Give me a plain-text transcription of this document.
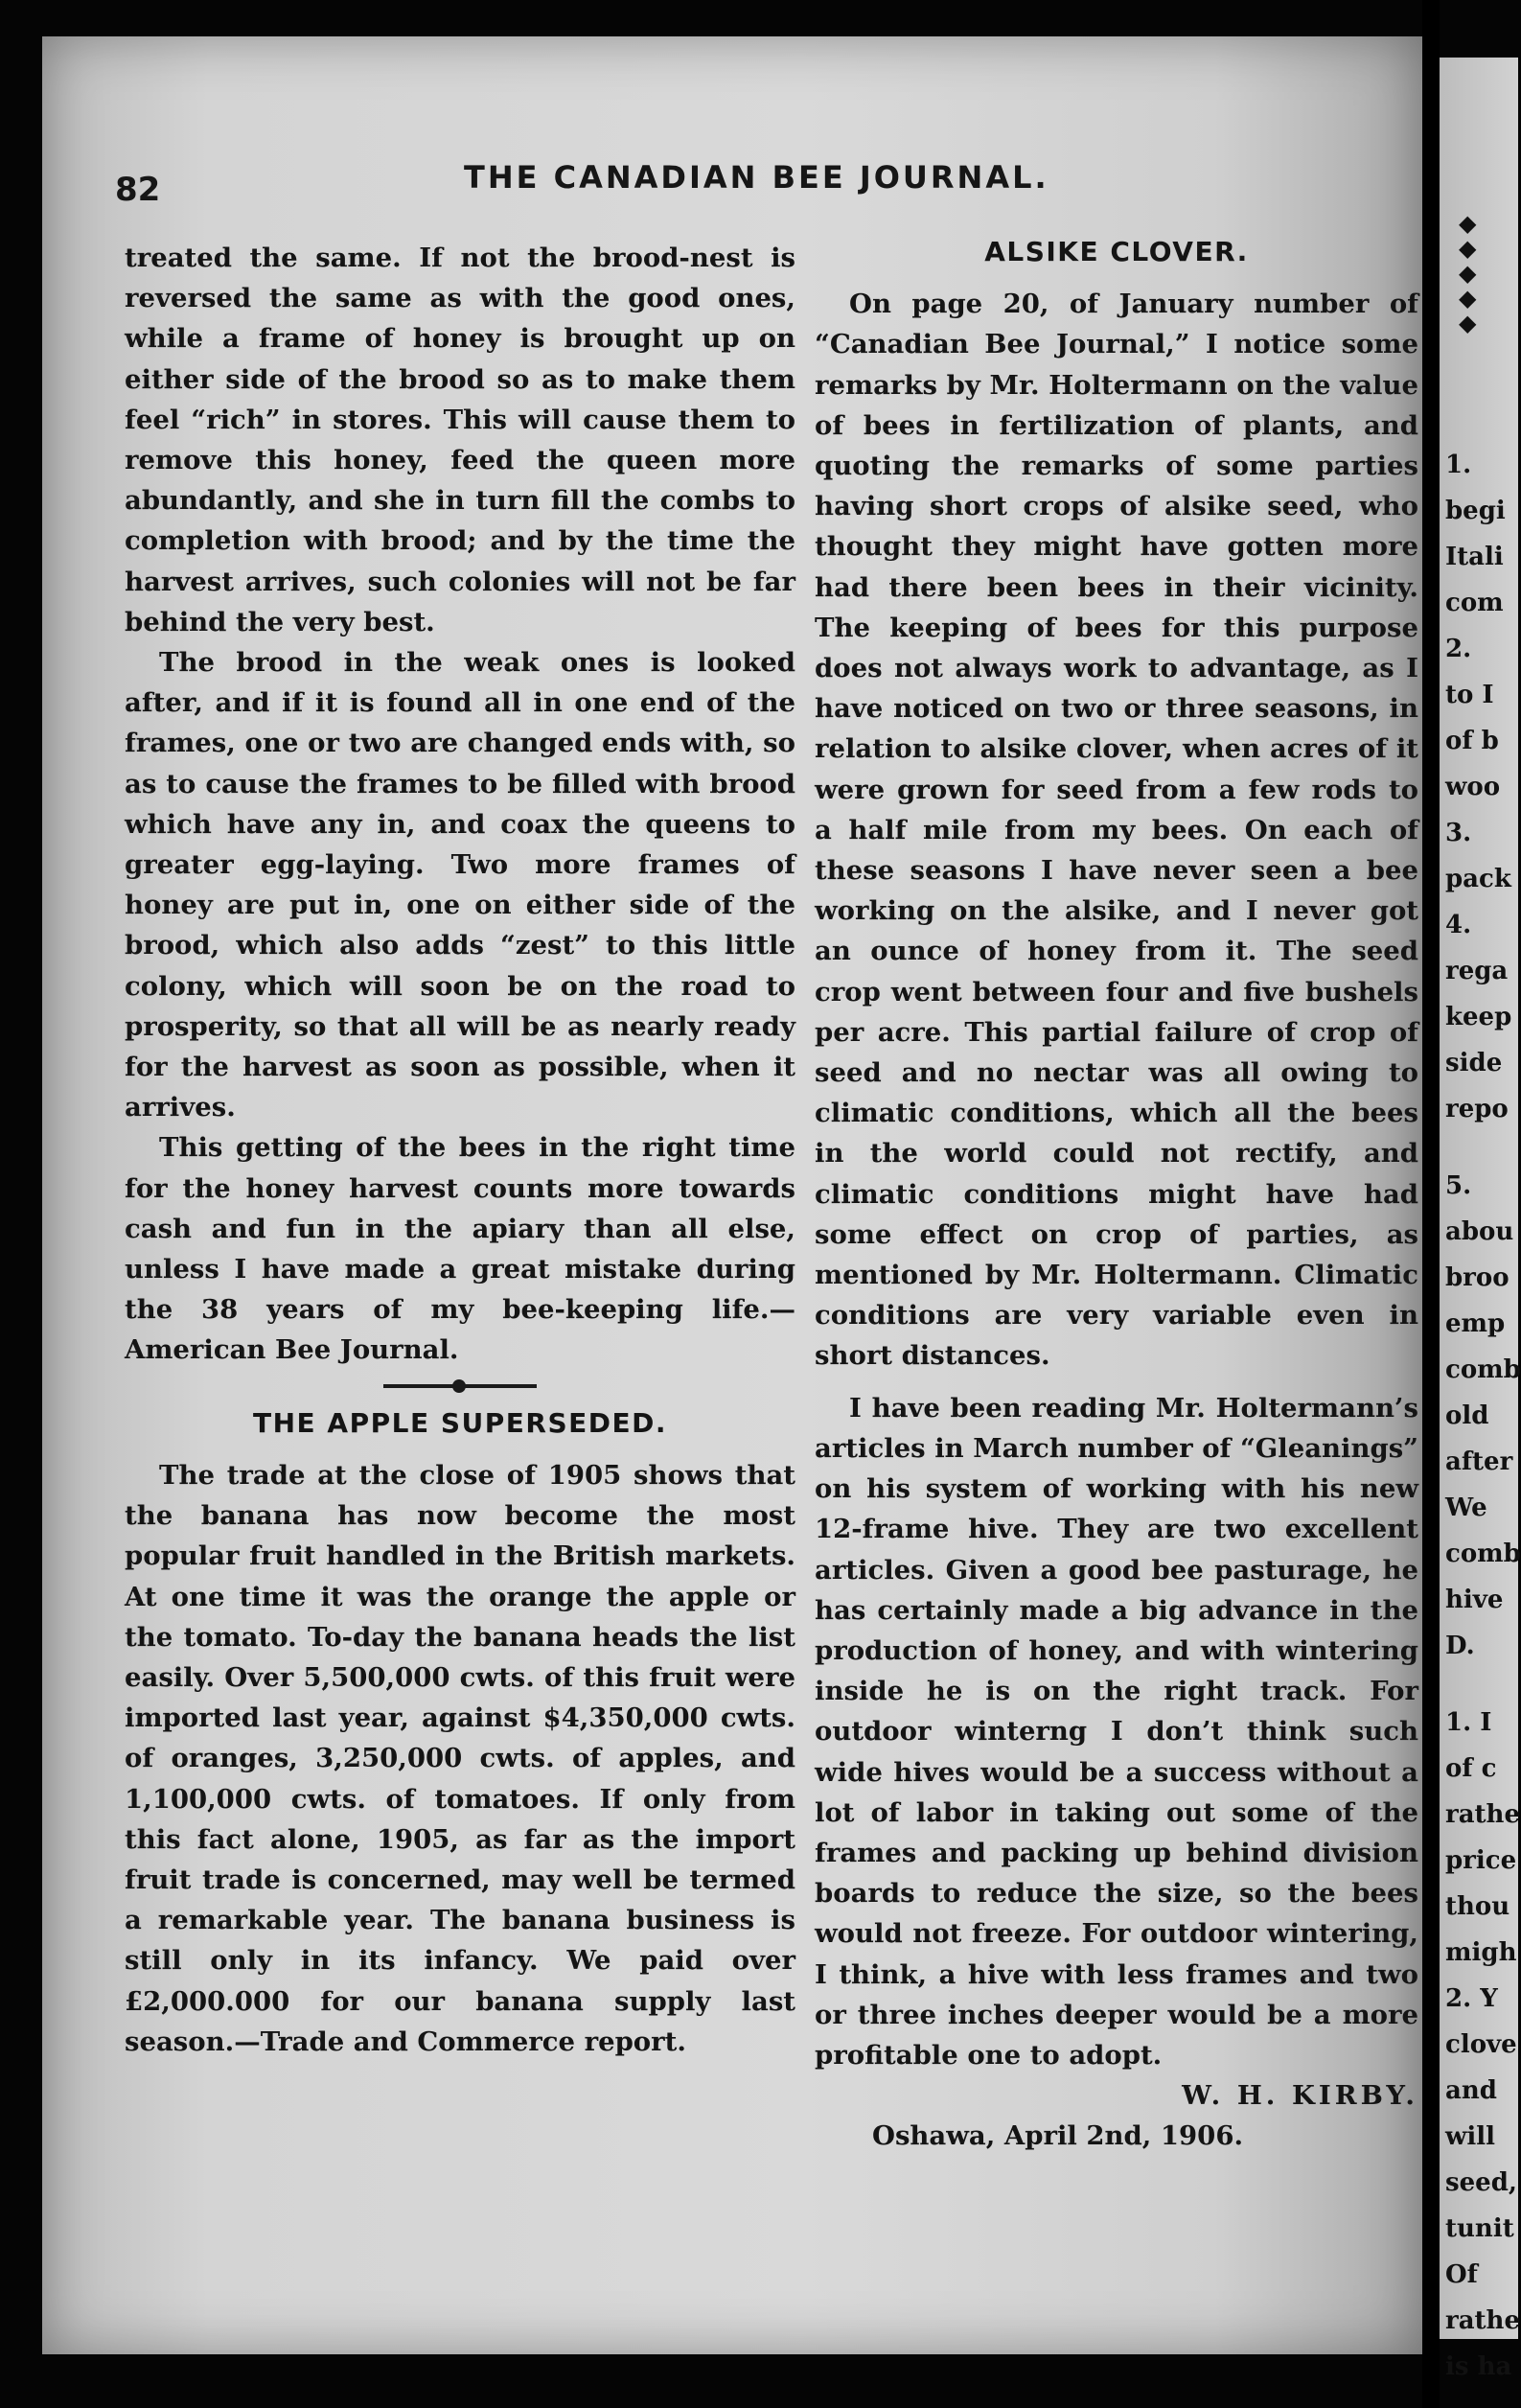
82	THE CANADIAN BEE JOURNAL.

treated the same. If not the brood-nest is reversed the same as with the good ones, while a frame of honey is brought up on either side of the brood so as to make them feel “rich” in stores. This will cause them to remove this honey, feed the queen more abundantly, and she in turn fill the combs to completion with brood; and by the time the harvest arrives, such colonies will not be far behind the very best.

The brood in the weak ones is looked after, and if it is found all in one end of the frames, one or two are changed ends with, so as to cause the frames to be filled with brood which have any in, and coax the queens to greater egg-laying. Two more frames of honey are put in, one on either side of the brood, which also adds “zest” to this little colony, which will soon be on the road to prosperity, so that all will be as nearly ready for the harvest as soon as possible, when it arrives.

This getting of the bees in the right time for the honey harvest counts more towards cash and fun in the apiary than all else, unless I have made a great mistake during the 38 years of my bee-keeping life.—American Bee Journal.

THE APPLE SUPERSEDED.

The trade at the close of 1905 shows that the banana has now become the most popular fruit handled in the British markets. At one time it was the orange the apple or the tomato. To-day the banana heads the list easily. Over 5,500,000 cwts. of this fruit were imported last year, against $4,350,000 cwts. of oranges, 3,250,000 cwts. of apples, and 1,100,000 cwts. of tomatoes. If only from this fact alone, 1905, as far as the import fruit trade is concerned, may well be termed a remarkable year. The banana business is still only in its infancy. We paid over £2,000.000 for our banana supply last season.—Trade and Commerce report.

ALSIKE CLOVER.

On page 20, of January number of “Canadian Bee Journal,” I notice some remarks by Mr. Holtermann on the value of bees in fertilization of plants, and quoting the remarks of some parties having short crops of alsike seed, who thought they might have gotten more had there been bees in their vicinity. The keeping of bees for this purpose does not always work to advantage, as I have noticed on two or three seasons, in relation to alsike clover, when acres of it were grown for seed from a few rods to a half mile from my bees. On each of these seasons I have never seen a bee working on the alsike, and I never got an ounce of honey from it. The seed crop went between four and five bushels per acre. This partial failure of crop of seed and no nectar was all owing to climatic conditions, which all the bees in the world could not rectify, and climatic conditions might have had some effect on crop of parties, as mentioned by Mr. Holtermann. Climatic conditions are very variable even in short distances.

I have been reading Mr. Holtermann’s articles in March number of “Gleanings” on his system of working with his new 12-frame hive. They are two excellent articles. Given a good bee pasturage, he has certainly made a big advance in the production of honey, and with wintering inside he is on the right track. For outdoor winterng I don’t think such wide hives would be a success without a lot of labor in taking out some of the frames and packing up behind division boards to reduce the size, so the bees would not freeze. For outdoor wintering, I think, a hive with less frames and two or three inches deeper would be a more profitable one to adopt.

W. H. KIRBY.

Oshawa, April 2nd, 1906.

◆
◆
◆
◆
◆
1.
begi
Itali
com
2.
to I
of b
woo
3.
pack
4.
rega
keep
side
repo
5.
abou
broo
emp
comb
old
after
We
comb
hive
D.
1. I
of c
rathe
price
thou
migh
2. Y
clove
and
will
seed,
tunit
Of
rathe
is ha
